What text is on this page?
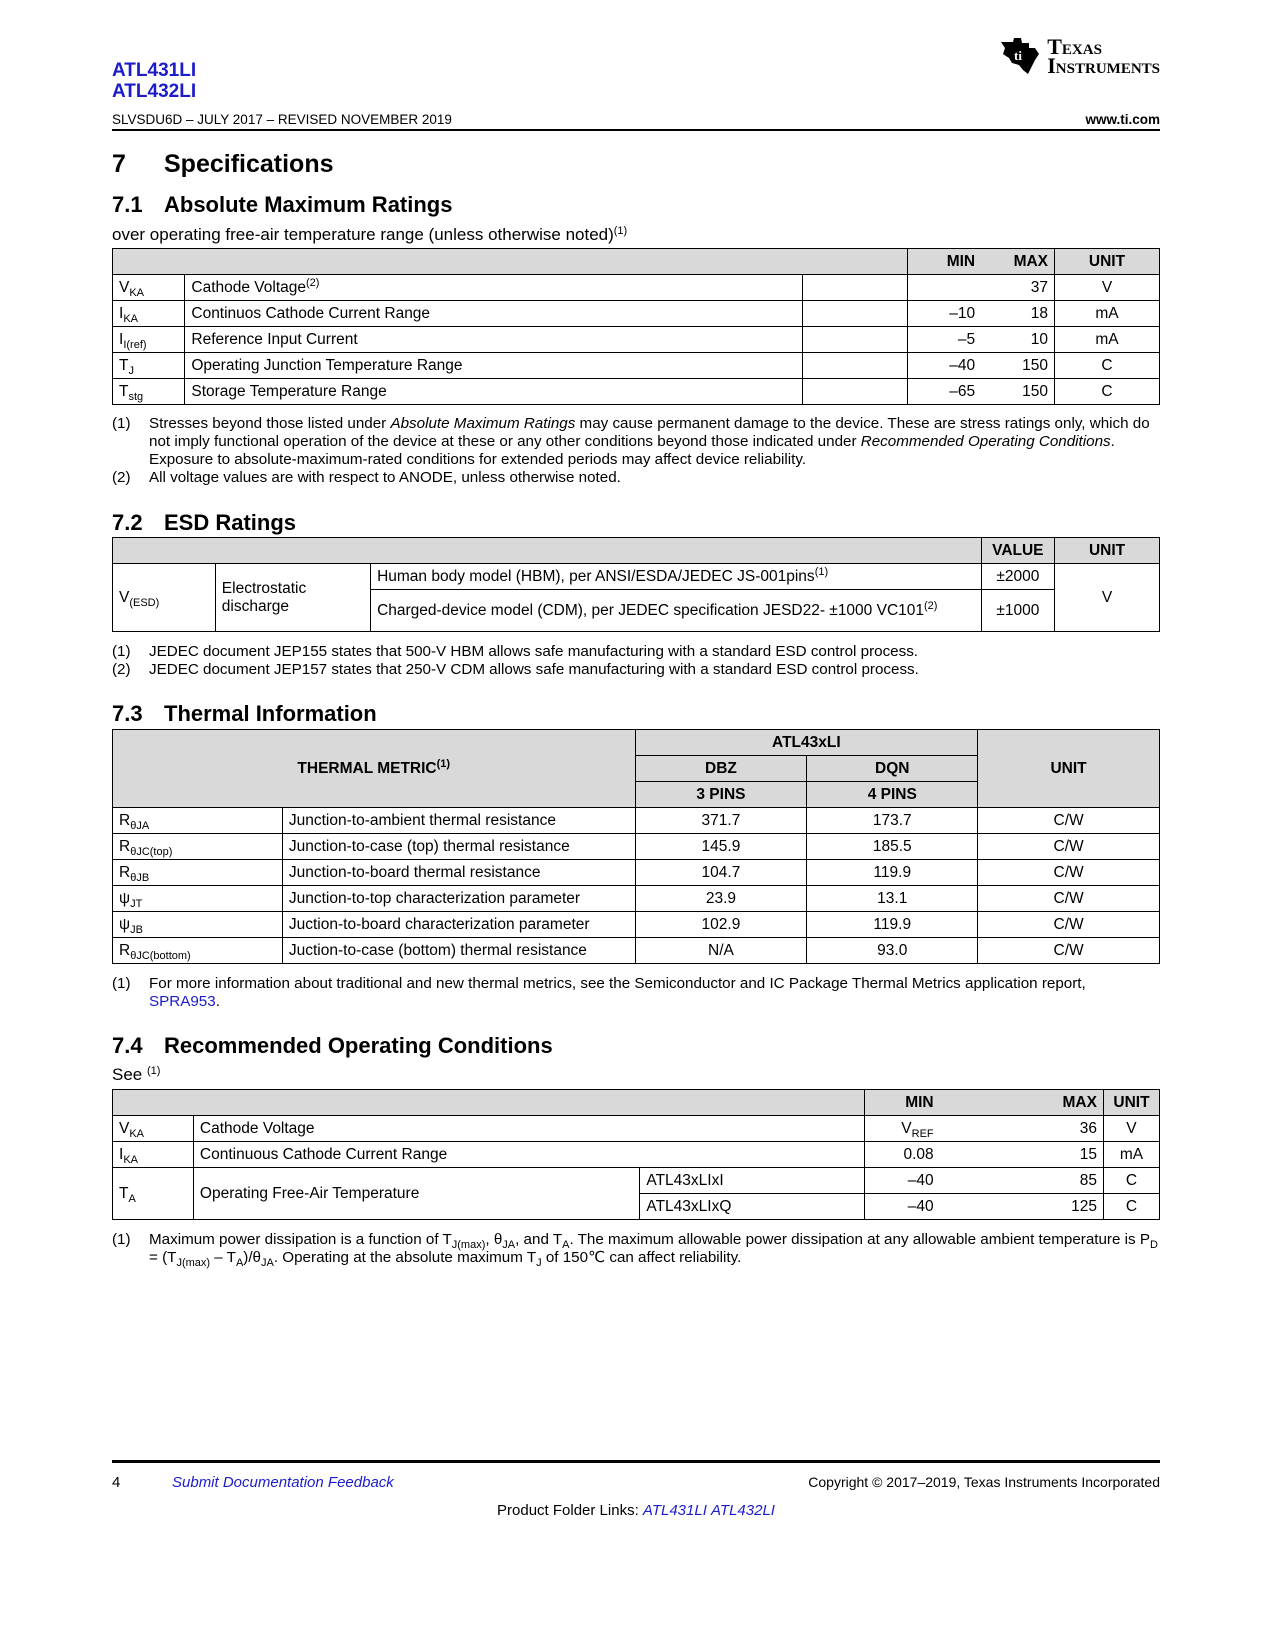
ATL431LI
ATL432LI
SLVSDU6D – JULY 2017 – REVISED NOVEMBER 2019	www.ti.com
ti Texas
Instruments
7 Specifications
7.1 Absolute Maximum Ratings
over operating free-air temperature range (unless otherwise noted)$^{(1)}$
			MIN	MAX	UNIT
$V_{KA}$	Cathode Voltage$^{(2)}$			37	V
$I_{KA}$	Continuos Cathode Current Range		–10	18	mA
$I_{I(ref)}$	Reference Input Current		–5	10	mA
$T_J$	Operating Junction Temperature Range		–40	150	C
$T_{stg}$	Storage Temperature Range		–65	150	C
(1)	Stresses beyond those listed under Absolute Maximum Ratings may cause permanent damage to the device. These are stress ratings only, which do not imply functional operation of the device at these or any other conditions beyond those indicated under Recommended Operating Conditions. Exposure to absolute-maximum-rated conditions for extended periods may affect device reliability.
(2)	All voltage values are with respect to ANODE, unless otherwise noted.
7.2 ESD Ratings
			VALUE	UNIT
$V_{(ESD)}$	Electrostatic discharge	Human body model (HBM), per ANSI/ESDA/JEDEC JS-001pins$^{(1)}$	±2000	V
		Charged-device model (CDM), per JEDEC specification JESD22- ±1000 $VC101^{(2)}$	±1000	
(1)	JEDEC document JEP155 states that 500-V HBM allows safe manufacturing with a standard ESD control process.
(2)	JEDEC document JEP157 states that 250-V CDM allows safe manufacturing with a standard ESD control process.
7.3 Thermal Information
THERMAL METRIC$^{(1)}$		ATL43xLI		UNIT
		DBZ	DQN	
		3 PINS	4 PINS	
$R_{\theta JA}$	Junction-to-ambient thermal resistance	371.7	173.7	C/W
$R_{\theta JC(top)}$	Junction-to-case (top) thermal resistance	145.9	185.5	C/W
$R_{\theta JB}$	Junction-to-board thermal resistance	104.7	119.9	C/W
$\psi_{JT}$	Junction-to-top characterization parameter	23.9	13.1	C/W
$\psi_{JB}$	Juction-to-board characterization parameter	102.9	119.9	C/W
$R_{\theta JC(bottom)}$	Juction-to-case (bottom) thermal resistance	N/A	93.0	C/W
(1)	For more information about traditional and new thermal metrics, see the Semiconductor and IC Package Thermal Metrics application report, SPRA953.
7.4 Recommended Operating Conditions
See $^{(1)}$
			MIN	MAX	UNIT
$V_{KA}$	Cathode Voltage		$V_{REF}$	36	V
$I_{KA}$	Continuous Cathode Current Range		0.08	15	mA
$T_A$	Operating Free-Air Temperature	ATL43xLIxI	–40	85	C
		ATL43xLIxQ	–40	125	C
(1)	Maximum power dissipation is a function of $T_{J(max)}$, $\theta_{JA}$, and $T_A$. The maximum allowable power dissipation at any allowable ambient temperature is $P_D = (T_{J(max)} - T_A)/\theta_{JA}$. Operating at the absolute maximum $T_J$ of 150℃ can affect reliability.
4	Submit Documentation Feedback	Copyright © 2017–2019, Texas Instruments Incorporated
Product Folder Links: ATL431LI ATL432LI
